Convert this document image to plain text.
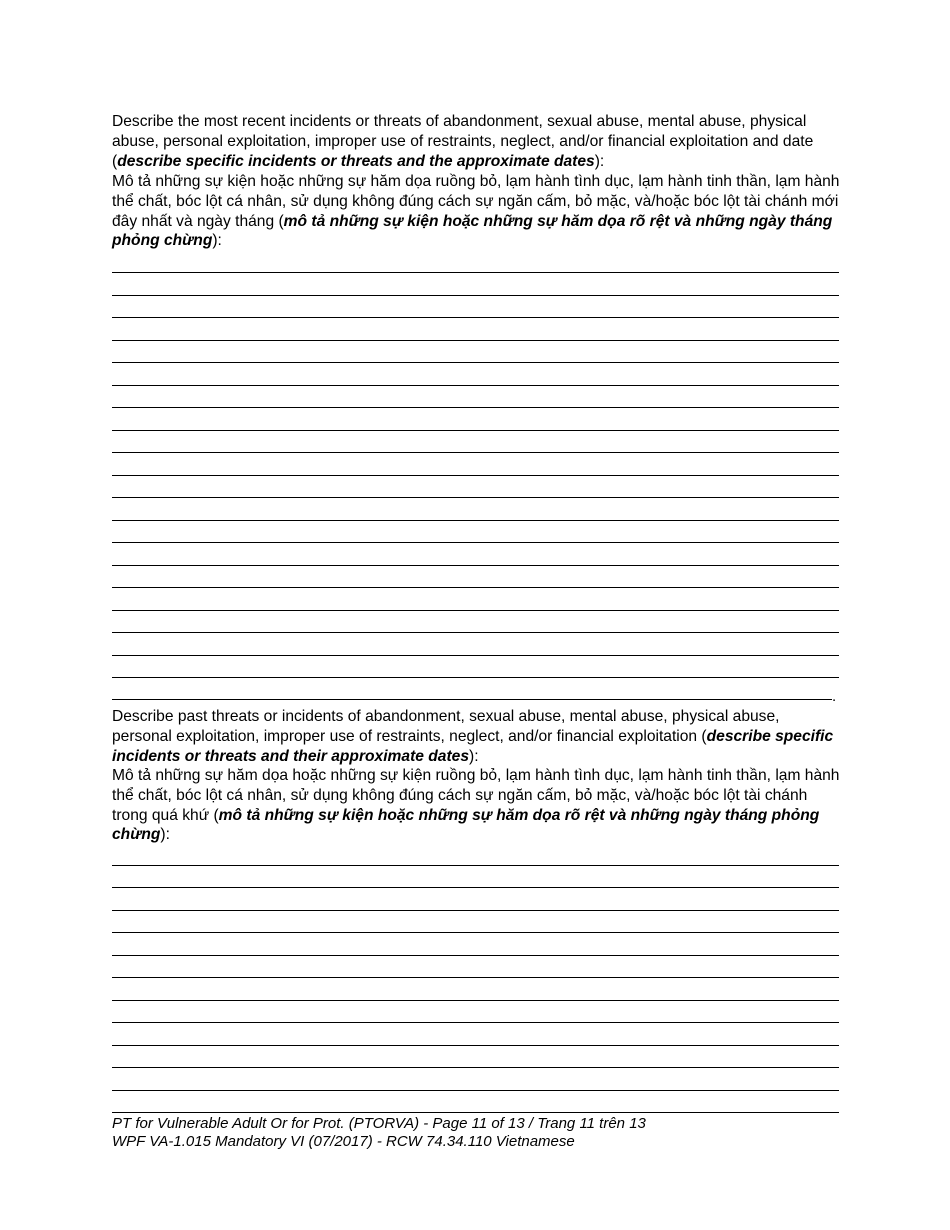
Describe the most recent incidents or threats of abandonment, sexual abuse, mental abuse, physical abuse, personal exploitation, improper use of restraints, neglect, and/or financial exploitation and date (describe specific incidents or threats and the approximate dates):

Mô tả những sự kiện hoặc những sự hăm dọa ruồng bỏ, lạm hành tình dục, lạm hành tinh thần, lạm hành thể chất, bóc lột cá nhân, sử dụng không đúng cách sự ngăn cấm, bỏ mặc, và/hoặc bóc lột tài chánh mới đây nhất và ngày tháng (mô tả những sự kiện hoặc những sự hăm dọa rõ rệt và những ngày tháng phỏng chừng):

.

Describe past threats or incidents of abandonment, sexual abuse, mental abuse, physical abuse, personal exploitation, improper use of restraints, neglect, and/or financial exploitation (describe specific incidents or threats and their approximate dates):

Mô tả những sự hăm dọa hoặc những sự kiện ruồng bỏ, lạm hành tình dục, lạm hành tinh thần, lạm hành thể chất, bóc lột cá nhân, sử dụng không đúng cách sự ngăn cấm, bỏ mặc, và/hoặc bóc lột tài chánh trong quá khứ (mô tả những sự kiện hoặc những sự hăm dọa rõ rệt và những ngày tháng phỏng chừng):

PT for Vulnerable Adult Or for Prot. (PTORVA) - Page 11 of 13 / Trang 11 trên 13
WPF VA-1.015 Mandatory VI (07/2017) - RCW 74.34.110 Vietnamese
